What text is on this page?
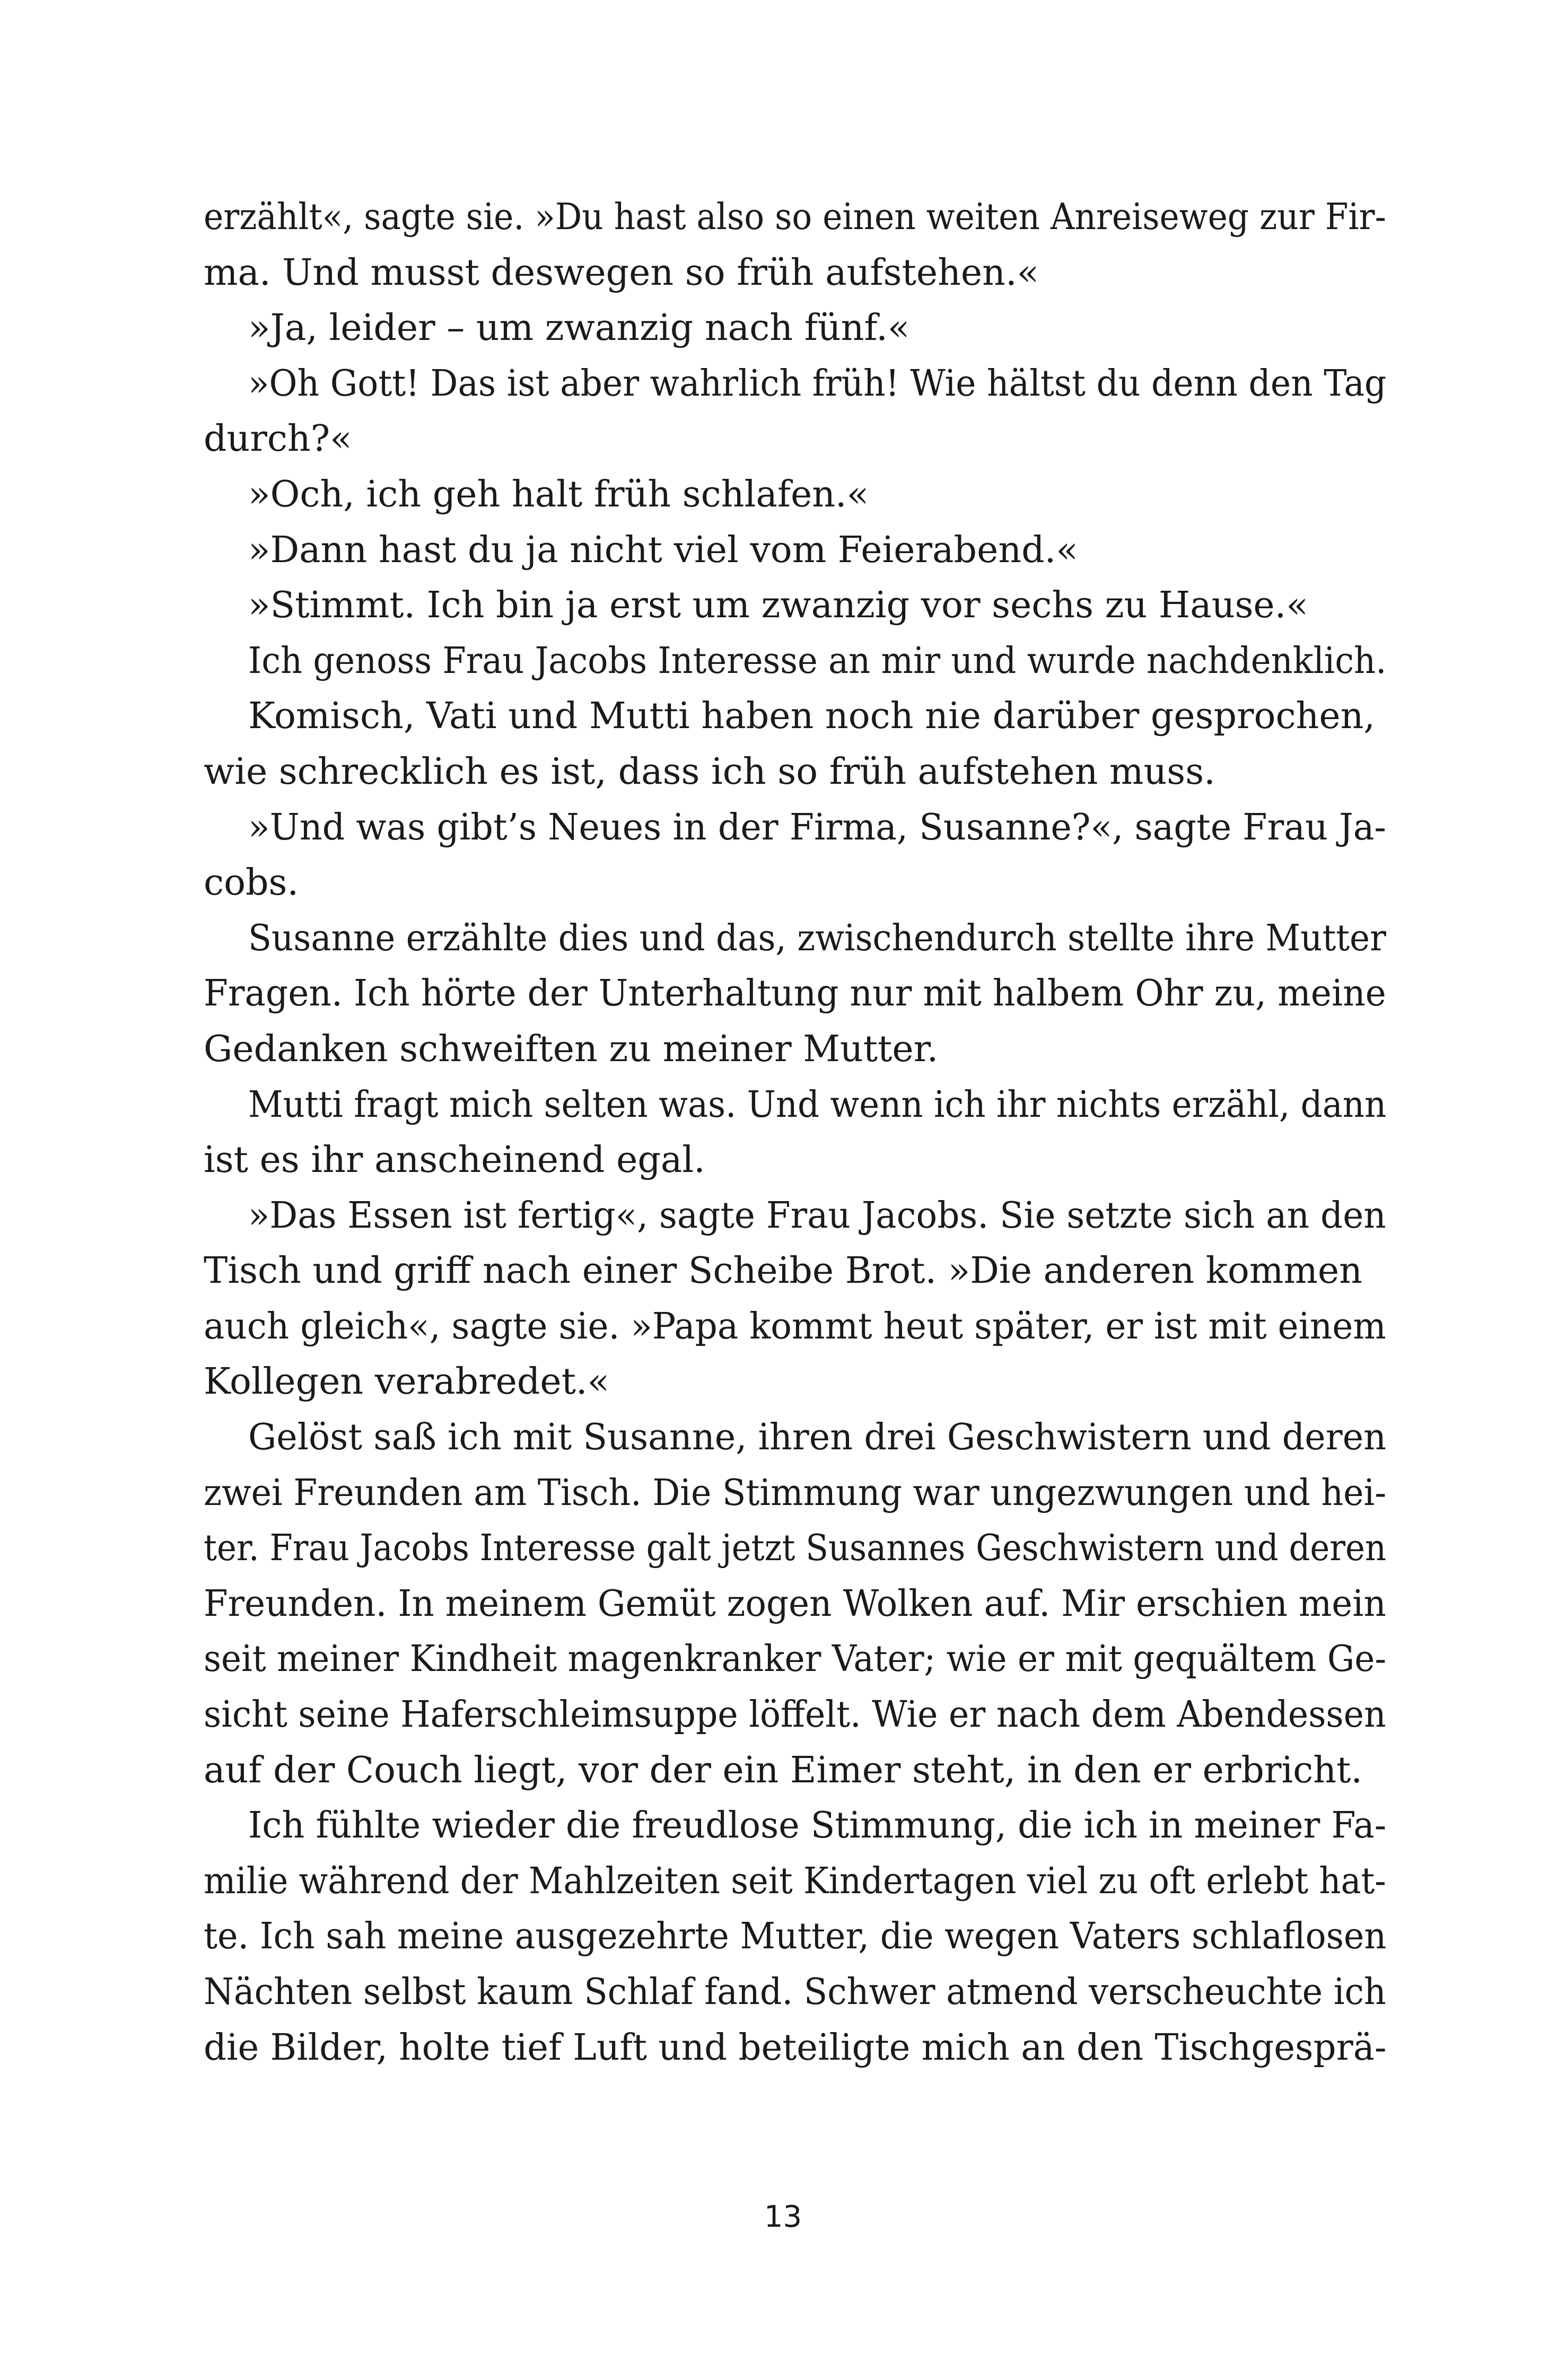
erzählt«, sagte sie. »Du hast also so einen weiten Anreiseweg zur Fir-
ma. Und musst deswegen so früh aufstehen.«
»Ja, leider – um zwanzig nach fünf.«
»Oh Gott! Das ist aber wahrlich früh! Wie hältst du denn den Tag
durch?«
»Och, ich geh halt früh schlafen.«
»Dann hast du ja nicht viel vom Feierabend.«
»Stimmt. Ich bin ja erst um zwanzig vor sechs zu Hause.«
Ich genoss Frau Jacobs Interesse an mir und wurde nachdenklich.
Komisch, Vati und Mutti haben noch nie darüber gesprochen,
wie schrecklich es ist, dass ich so früh aufstehen muss.
»Und was gibt’s Neues in der Firma, Susanne?«, sagte Frau Ja-
cobs.
Susanne erzählte dies und das, zwischendurch stellte ihre Mutter
Fragen. Ich hörte der Unterhaltung nur mit halbem Ohr zu, meine
Gedanken schweiften zu meiner Mutter.
Mutti fragt mich selten was. Und wenn ich ihr nichts erzähl, dann
ist es ihr anscheinend egal.
»Das Essen ist fertig«, sagte Frau Jacobs. Sie setzte sich an den
Tisch und griff nach einer Scheibe Brot. »Die anderen kommen
auch gleich«, sagte sie. »Papa kommt heut später, er ist mit einem
Kollegen verabredet.«
Gelöst saß ich mit Susanne, ihren drei Geschwistern und deren
zwei Freunden am Tisch. Die Stimmung war ungezwungen und hei-
ter. Frau Jacobs Interesse galt jetzt Susannes Geschwistern und deren
Freunden. In meinem Gemüt zogen Wolken auf. Mir erschien mein
seit meiner Kindheit magenkranker Vater; wie er mit gequältem Ge-
sicht seine Haferschleimsuppe löffelt. Wie er nach dem Abendessen
auf der Couch liegt, vor der ein Eimer steht, in den er erbricht.
Ich fühlte wieder die freudlose Stimmung, die ich in meiner Fa-
milie während der Mahlzeiten seit Kindertagen viel zu oft erlebt hat-
te. Ich sah meine ausgezehrte Mutter, die wegen Vaters schlaflosen
Nächten selbst kaum Schlaf fand. Schwer atmend verscheuchte ich
die Bilder, holte tief Luft und beteiligte mich an den Tischgesprä-
13
